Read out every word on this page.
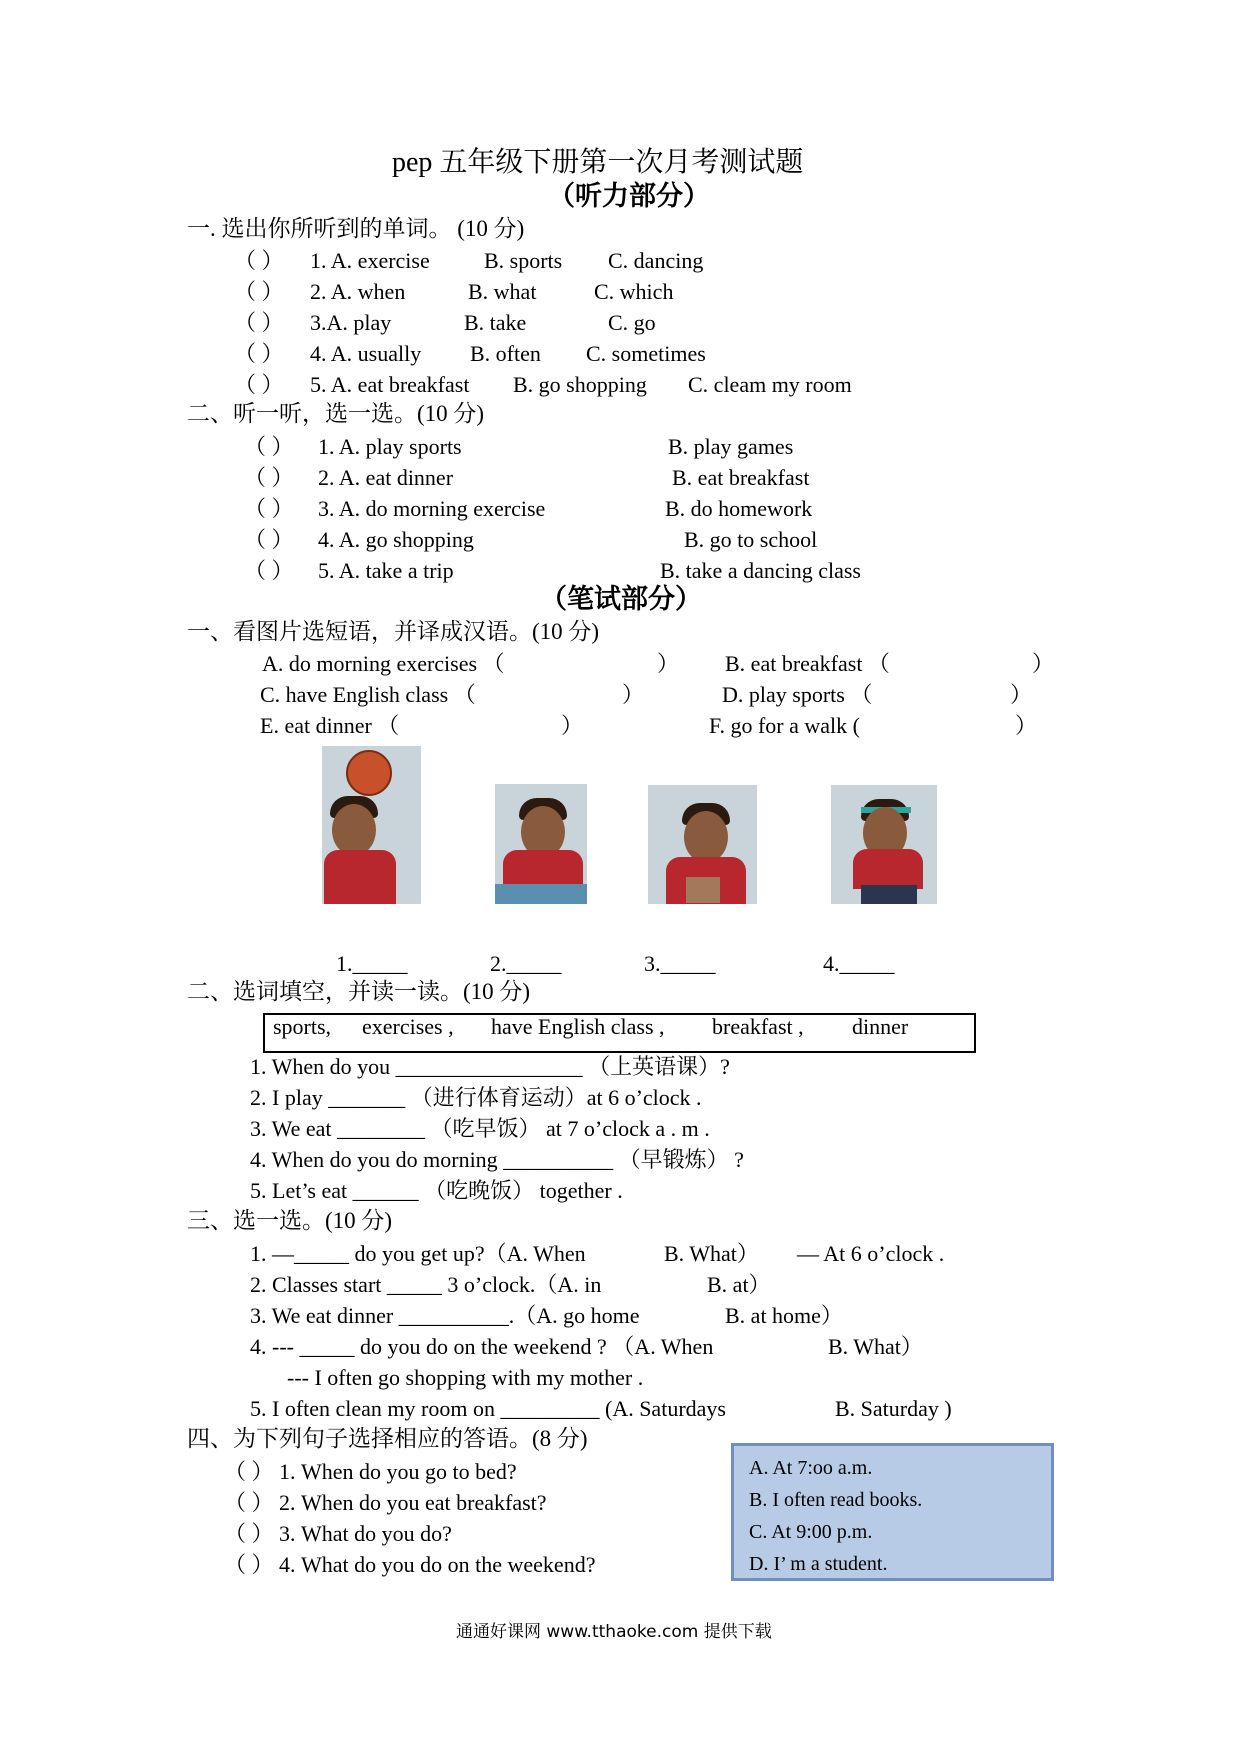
pep 五年级下册第一次月考测试题
（听力部分）
一. 选出你所听到的单词。 (10 分)
（ ） 1. A. exercise B. sports C. dancing
（ ） 2. A. when	B. what	C. which
（ ） 3.A. play	B. take	C. go
（ ） 4. A. usually B. often C. sometimes
（ ） 5. A. eat breakfast B. go shopping C. cleam my room
二、听一听，选一选。(10 分)
（ ） 1. A. play sports	B. play games
（ ） 2. A. eat dinner	B. eat breakfast
（ ） 3. A. do morning exercise	B. do homework
（ ） 4. A. go shopping	B. go to school
（ ） 5. A. take a trip	B. take a dancing class
（笔试部分）
一、看图片选短语，并译成汉语。(10 分)
A. do morning exercises （	） B. eat breakfast （	）
C. have English class （	）	D. play sports （	）
E. eat dinner （	）	F. go for a walk (	）
1._____	2._____	3._____	4._____
二、选词填空，并读一读。(10 分)
sports, exercises , have English class , breakfast , dinner
1. When do you _________________ （上英语课）?
2. I play _______ （进行体育运动）at 6 o’clock .
3. We eat ________ （吃早饭） at 7 o’clock a . m .
4. When do you do morning __________ （早锻炼） ?
5. Let’s eat ______ （吃晚饭） together .
三、选一选。(10 分)
1. —_____ do you get up?（A. When	B. What） — At 6 o’clock .
2. Classes start _____ 3 o’clock.（A. in	B. at）
3. We eat dinner __________.（A. go home	B. at home）
4. --- _____ do you do on the weekend ? （A. When	B. What）
--- I often go shopping with my mother .
5. I often clean my room on _________ (A. Saturdays	B. Saturday )
四、为下列句子选择相应的答语。(8 分)
（ ） 1. When do you go to bed?
（ ） 2. When do you eat breakfast?
（ ） 3. What do you do?
（ ） 4. What do you do on the weekend?
A. At 7:oo a.m.
B. I often read books.
C. At 9:00 p.m.
D. I’ m a student.
通通好课网 www.tthaoke.com 提供下载
